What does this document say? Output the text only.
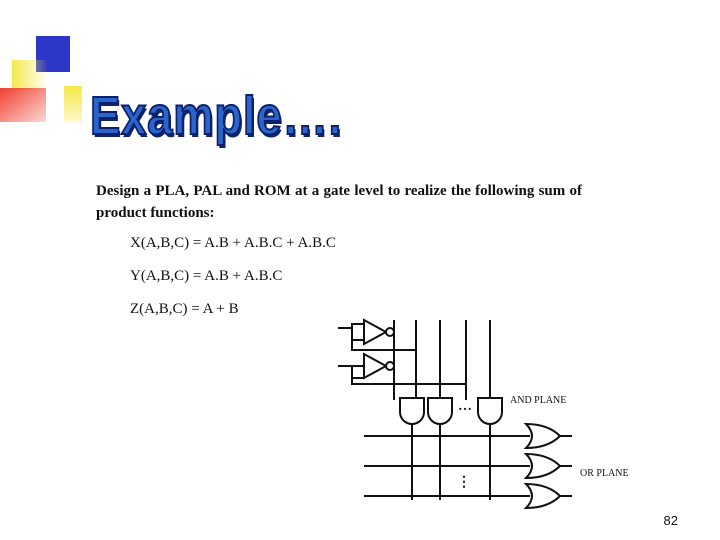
Example….
Design a PLA, PAL and ROM at a gate level to realize the following sum of product functions:
X(A,B,C) = A.B + A.B.C + A.B.C
Y(A,B,C) = A.B + A.B.C
Z(A,B,C) = A + B
…
⋮
AND PLANE
OR PLANE
82
